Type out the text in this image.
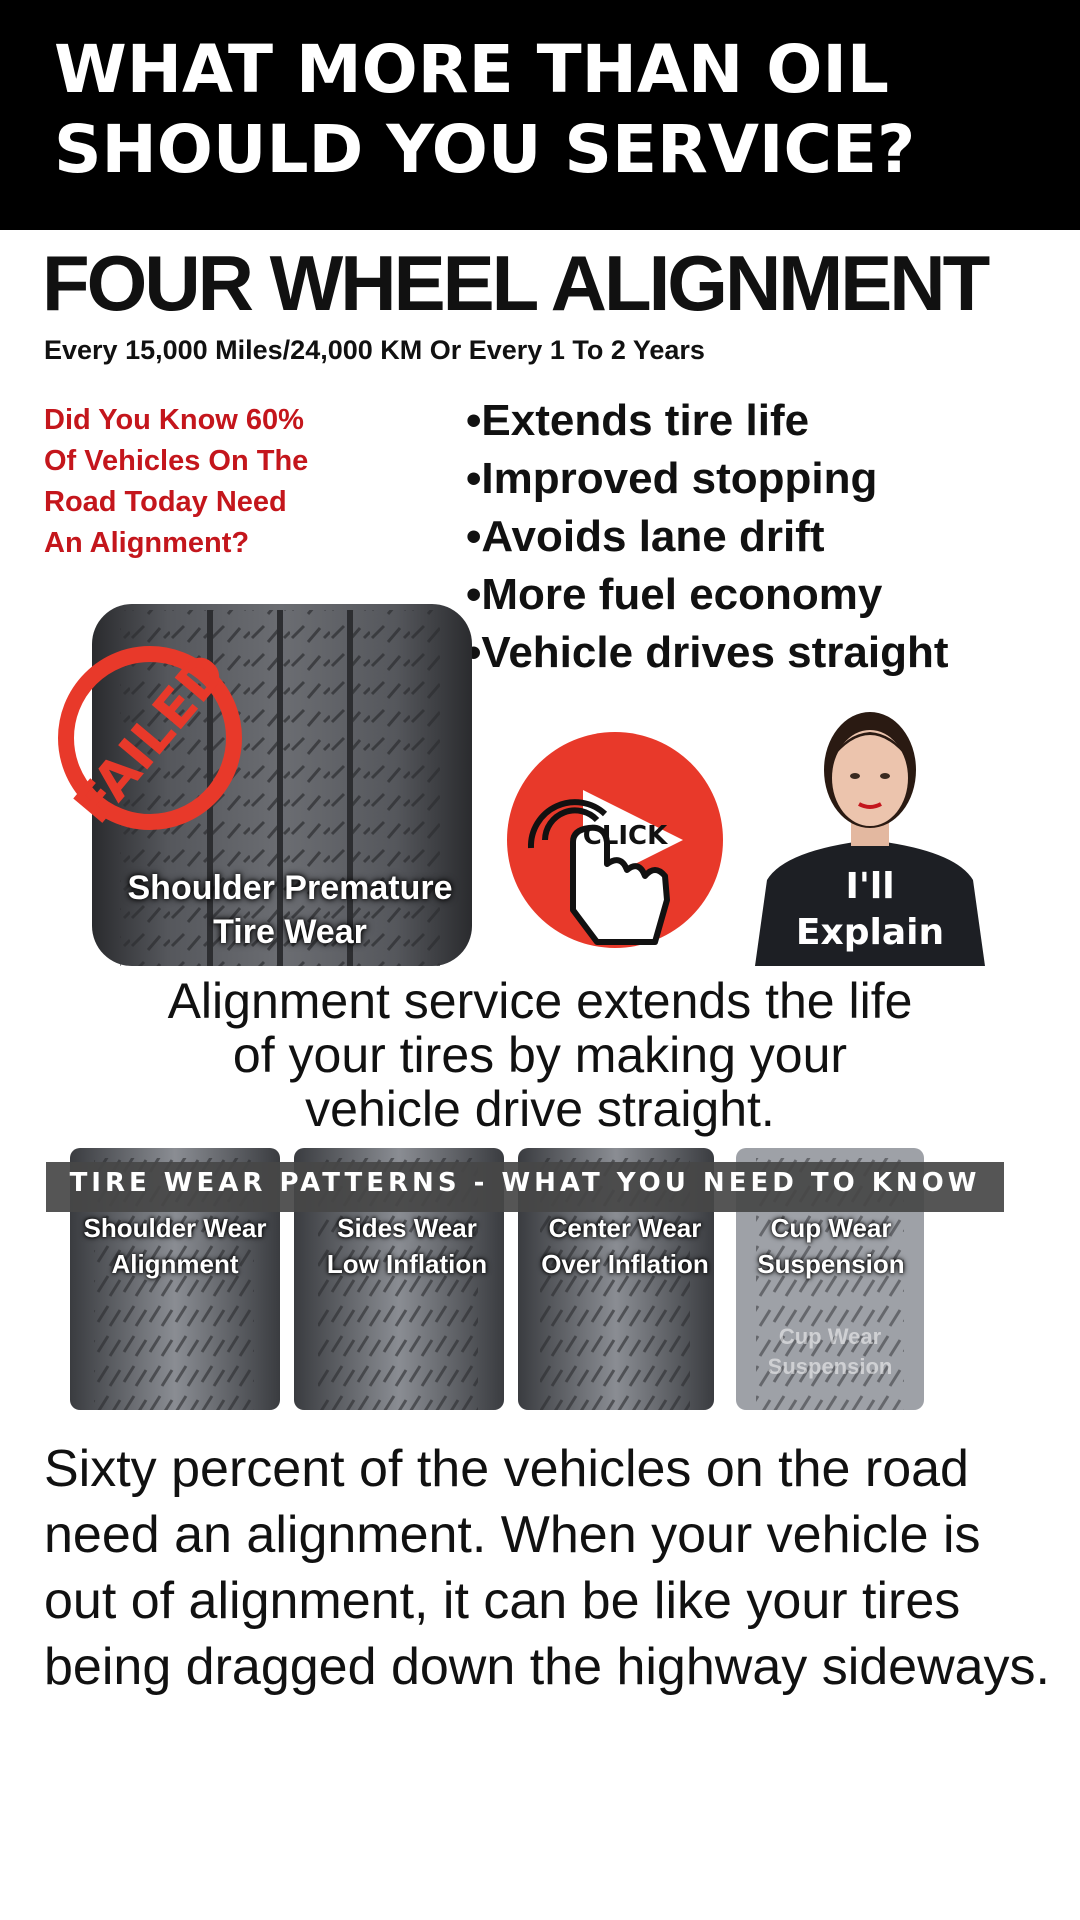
WHAT MORE THAN OIL
SHOULD YOU SERVICE?
FOUR WHEEL ALIGNMENT
Every 15,000 Miles/24,000 KM Or Every 1 To 2 Years
Did You Know 60%
Of Vehicles On The
Road Today Need
An Alignment?
• Extends tire life
• Improved stopping
• Avoids lane drift
• More fuel economy
• Vehicle drives straight
FAILED
Shoulder Premature
Tire Wear
CLICK
I'll
Explain
Alignment service extends the life
of your tires by making your
vehicle drive straight.
TIRE WEAR PATTERNS - WHAT YOU NEED TO KNOW
Shoulder Wear
Alignment
Sides Wear
Low Inflation
Center Wear
Over Inflation
Cup Wear
Suspension
Cup Wear
Suspension
Sixty percent of the vehicles on the road need an alignment. When your vehicle is out of alignment, it can be like your tires being dragged down the highway sideways.
